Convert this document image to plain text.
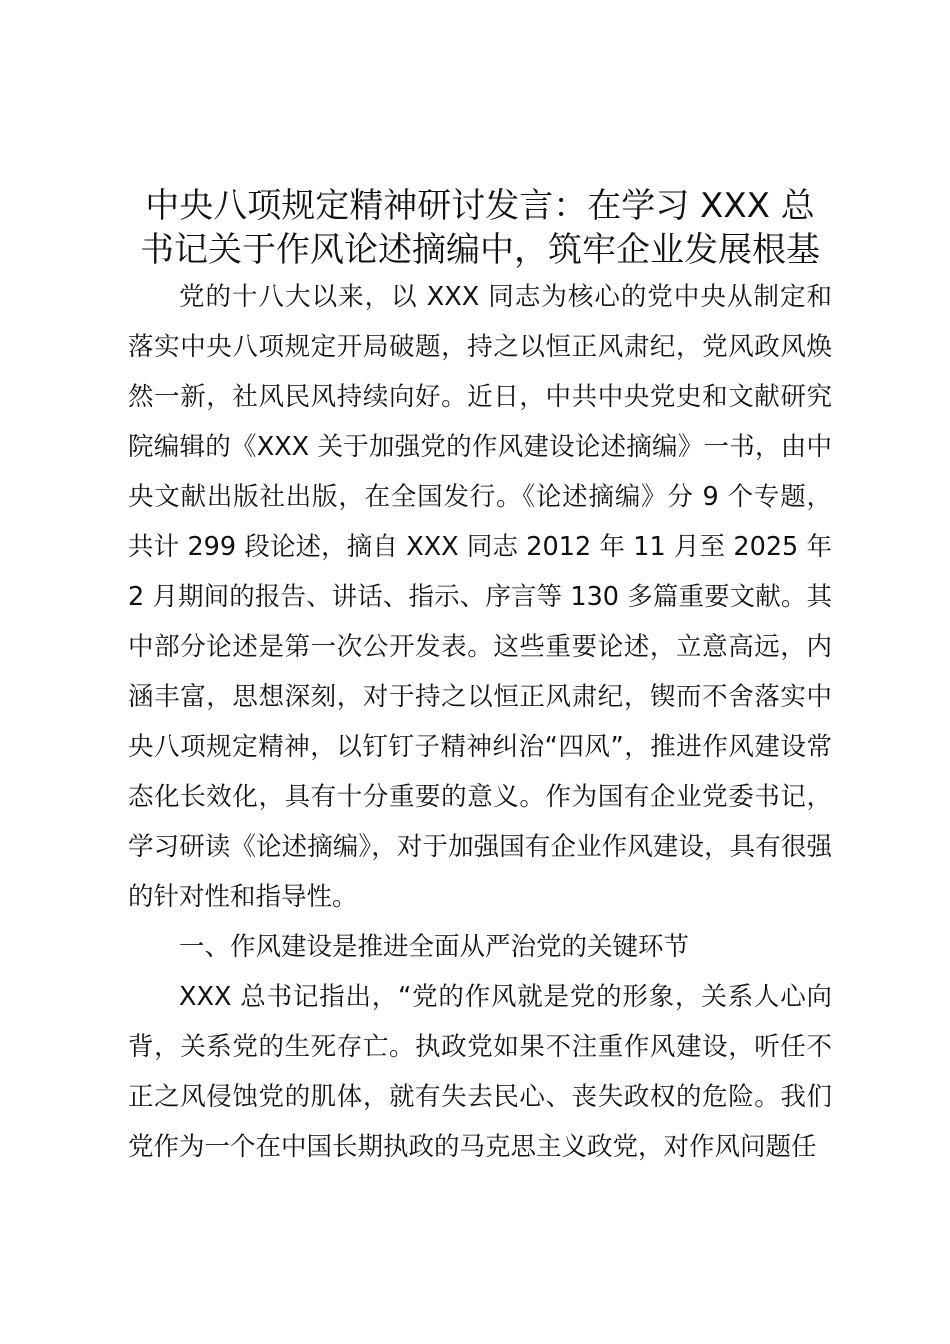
中央八项规定精神研讨发言：在学习 XXX 总
书记关于作风论述摘编中，筑牢企业发展根基

党的十八大以来，以 XXX 同志为核心的党中央从制定和落实中央八项规定开局破题，持之以恒正风肃纪，党风政风焕然一新，社风民风持续向好。近日，中共中央党史和文献研究院编辑的《XXX 关于加强党的作风建设论述摘编》一书，由中央文献出版社出版，在全国发行。《论述摘编》分 9 个专题，共计 299 段论述，摘自 XXX 同志 2012 年 11 月至 2025 年 2 月期间的报告、讲话、指示、序言等 130 多篇重要文献。其中部分论述是第一次公开发表。这些重要论述，立意高远，内涵丰富，思想深刻，对于持之以恒正风肃纪，锲而不舍落实中央八项规定精神，以钉钉子精神纠治“四风”，推进作风建设常态化长效化，具有十分重要的意义。作为国有企业党委书记，学习研读《论述摘编》，对于加强国有企业作风建设，具有很强的针对性和指导性。

一、作风建设是推进全面从严治党的关键环节

XXX 总书记指出，“党的作风就是党的形象，关系人心向背，关系党的生死存亡。执政党如果不注重作风建设，听任不正之风侵蚀党的肌体，就有失去民心、丧失政权的危险。我们党作为一个在中国长期执政的马克思主义政党，对作风问题任
